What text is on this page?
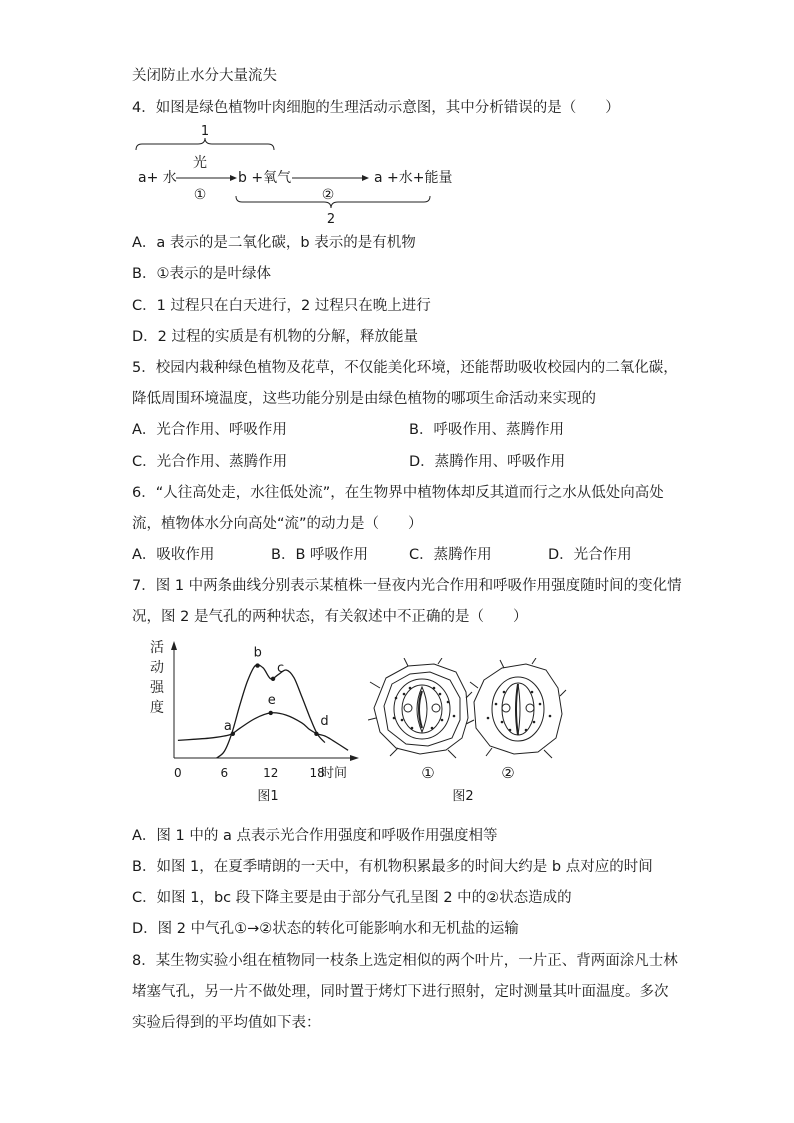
关闭防止水分大量流失
4．如图是绿色植物叶肉细胞的生理活动示意图，其中分析错误的是（　　）
1
a+ 水
光
①
b +氧气
②
a +水+能量
2
A．a 表示的是二氧化碳，b 表示的是有机物
B．①表示的是叶绿体
C．1 过程只在白天进行，2 过程只在晚上进行
D．2 过程的实质是有机物的分解，释放能量
5．校园内栽种绿色植物及花草，不仅能美化环境，还能帮助吸收校园内的二氧化碳，
降低周围环境温度，这些功能分别是由绿色植物的哪项生命活动来实现的
A．光合作用、呼吸作用	B．呼吸作用、蒸腾作用
C．光合作用、蒸腾作用	D．蒸腾作用、呼吸作用
6．“人往高处走，水往低处流”，在生物界中植物体却反其道而行之水从低处向高处
流，植物体水分向高处“流”的动力是（　　）
A．吸收作用	B．B 呼吸作用	C．蒸腾作用	D．光合作用
7．图 1 中两条曲线分别表示某植株一昼夜内光合作用和呼吸作用强度随时间的变化情
况，图 2 是气孔的两种状态，有关叙述中不正确的是（　　）
活
动
强
度
0	6	12	18
时间
a
b
c
d
e
图1
①	②
图2
A．图 1 中的 a 点表示光合作用强度和呼吸作用强度相等
B．如图 1，在夏季晴朗的一天中，有机物积累最多的时间大约是 b 点对应的时间
C．如图 1，bc 段下降主要是由于部分气孔呈图 2 中的②状态造成的
D．图 2 中气孔①→②状态的转化可能影响水和无机盐的运输
8．某生物实验小组在植物同一枝条上选定相似的两个叶片，一片正、背两面涂凡士林
堵塞气孔，另一片不做处理，同时置于烤灯下进行照射，定时测量其叶面温度。多次
实验后得到的平均值如下表：
